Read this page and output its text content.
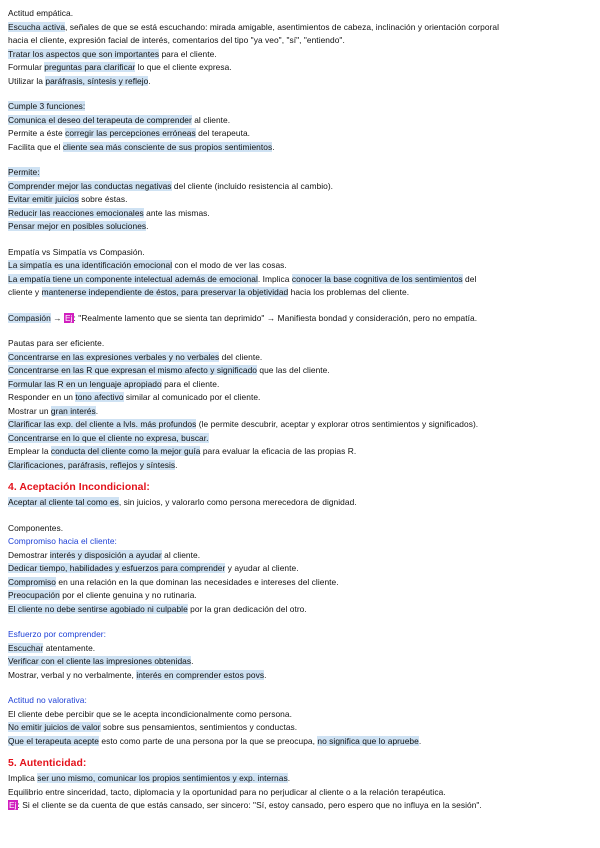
Actitud empática.
Escucha activa, señales de que se está escuchando: mirada amigable, asentimientos de cabeza, inclinación y orientación corporal
hacia el cliente, expresión facial de interés, comentarios del tipo "ya veo", "sí", "entiendo".
Tratar los aspectos que son importantes para el cliente.
Formular preguntas para clarificar lo que el cliente expresa.
Utilizar la paráfrasis, síntesis y reflejo.
Cumple 3 funciones:
Comunica el deseo del terapeuta de comprender al cliente.
Permite a éste corregir las percepciones erróneas del terapeuta.
Facilita que el cliente sea más consciente de sus propios sentimientos.
Permite:
Comprender mejor las conductas negativas del cliente (incluido resistencia al cambio).
Evitar emitir juicios sobre éstas.
Reducir las reacciones emocionales ante las mismas.
Pensar mejor en posibles soluciones.
Empatía vs Simpatía vs Compasión.
La simpatía es una identificación emocional con el modo de ver las cosas.
La empatía tiene un componente intelectual además de emocional. Implica conocer la base cognitiva de los sentimientos del
cliente y mantenerse independiente de éstos, para preservar la objetividad hacia los problemas del cliente.
Compasión → Ej: "Realmente lamento que se sienta tan deprimido" → Manifiesta bondad y consideración, pero no empatía.
Pautas para ser eficiente.
Concentrarse en las expresiones verbales y no verbales del cliente.
Concentrarse en las R que expresan el mismo afecto y significado que las del cliente.
Formular las R en un lenguaje apropiado para el cliente.
Responder en un tono afectivo similar al comunicado por el cliente.
Mostrar un gran interés.
Clarificar las exp. del cliente a lvls. más profundos (le permite descubrir, aceptar y explorar otros sentimientos y significados).
Concentrarse en lo que el cliente no expresa, buscar.
Emplear la conducta del cliente como la mejor guía para evaluar la eficacia de las propias R.
Clarificaciones, paráfrasis, reflejos y síntesis.
4. Aceptación Incondicional:
Aceptar al cliente tal como es, sin juicios, y valorarlo como persona merecedora de dignidad.
Componentes.
Compromiso hacia el cliente:
Demostrar interés y disposición a ayudar al cliente.
Dedicar tiempo, habilidades y esfuerzos para comprender y ayudar al cliente.
Compromiso en una relación en la que dominan las necesidades e intereses del cliente.
Preocupación por el cliente genuina y no rutinaria.
El cliente no debe sentirse agobiado ni culpable por la gran dedicación del otro.
Esfuerzo por comprender:
Escuchar atentamente.
Verificar con el cliente las impresiones obtenidas.
Mostrar, verbal y no verbalmente, interés en comprender estos povs.
Actitud no valorativa:
El cliente debe percibir que se le acepta incondicionalmente como persona.
No emitir juicios de valor sobre sus pensamientos, sentimientos y conductas.
Que el terapeuta acepte esto como parte de una persona por la que se preocupa, no significa que lo apruebe.
5. Autenticidad:
Implica ser uno mismo, comunicar los propios sentimientos y exp. internas.
Equilibrio entre sinceridad, tacto, diplomacia y la oportunidad para no perjudicar al cliente o a la relación terapéutica.
Ej: Si el cliente se da cuenta de que estás cansado, ser sincero: "Sí, estoy cansado, pero espero que no influya en la sesión".
